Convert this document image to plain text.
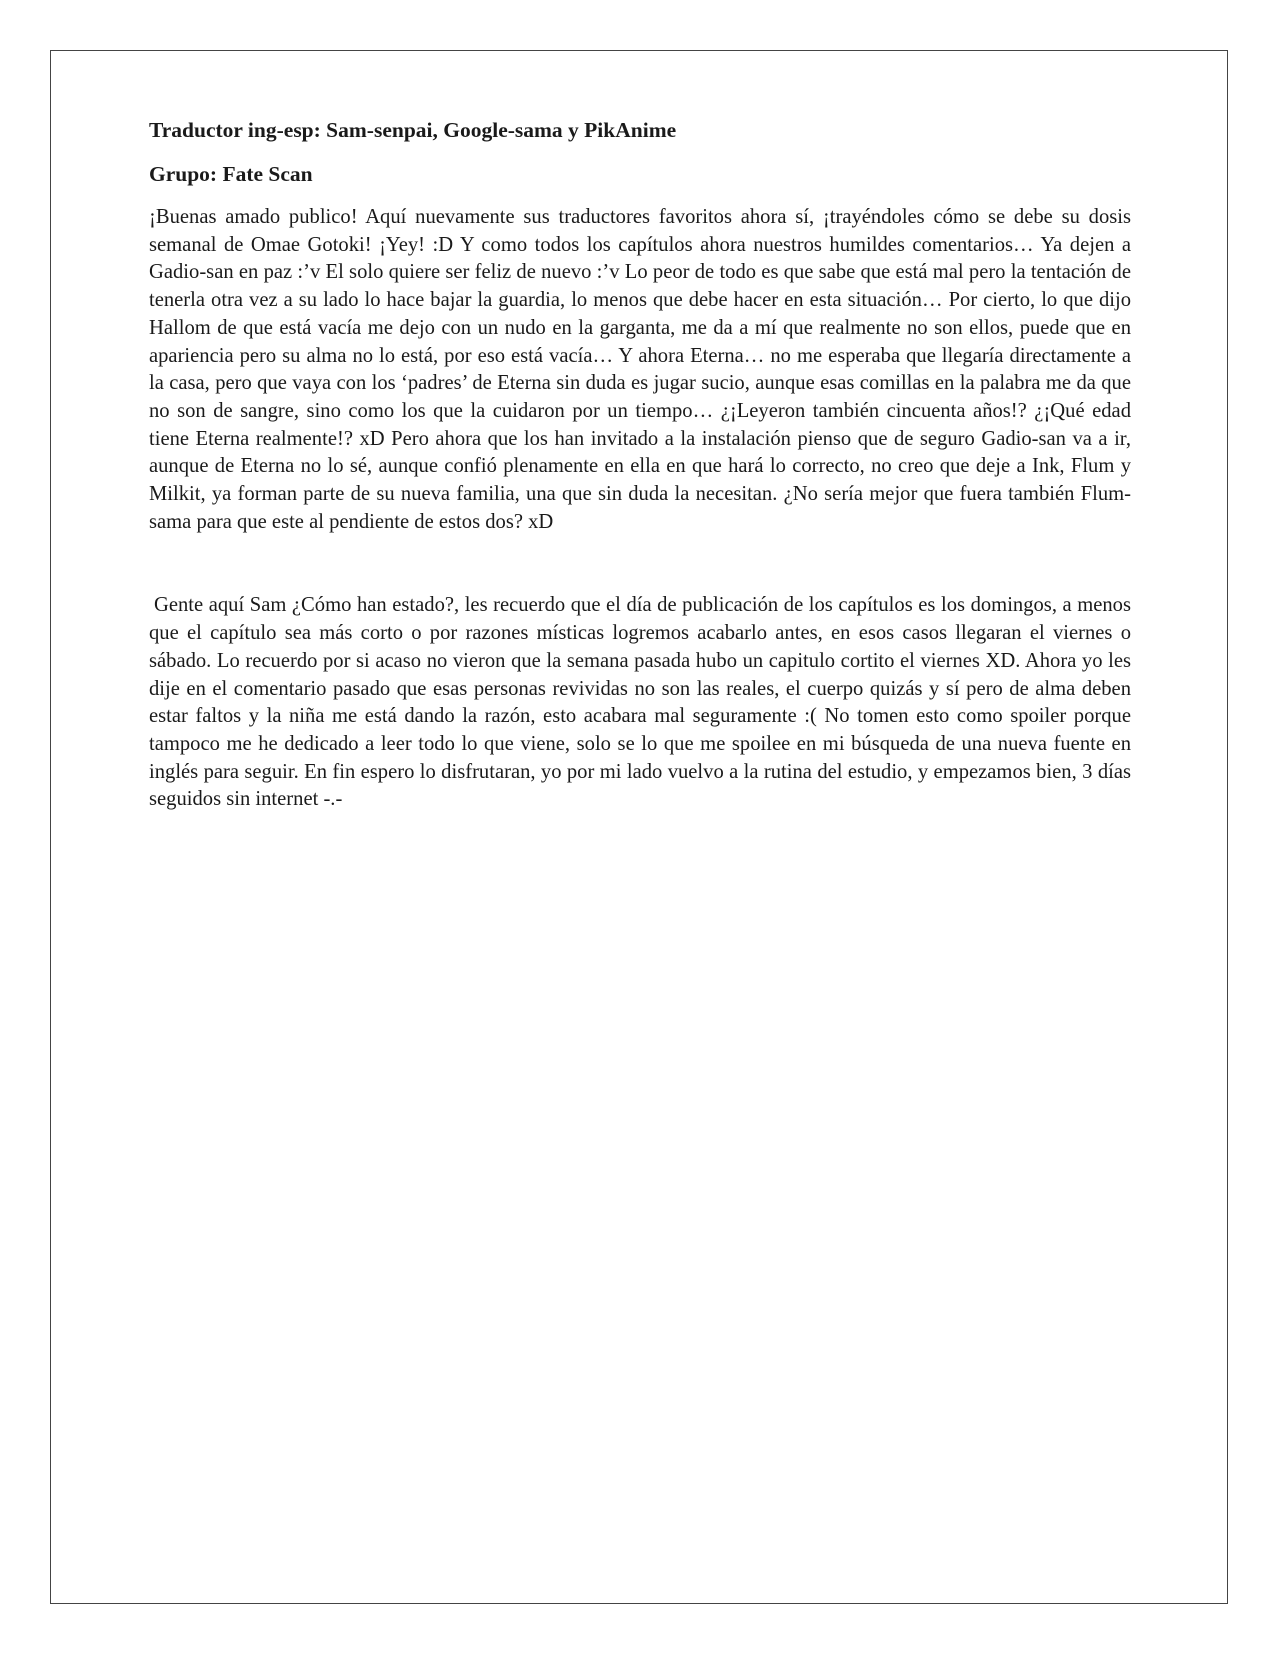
Traductor ing-esp: Sam-senpai, Google-sama y PikAnime

Grupo: Fate Scan

¡Buenas amado publico! Aquí nuevamente sus traductores favoritos ahora sí, ¡trayéndoles cómo se debe su dosis semanal de Omae Gotoki! ¡Yey! :D Y como todos los capítulos ahora nuestros humildes comentarios… Ya dejen a Gadio-san en paz :’v El solo quiere ser feliz de nuevo :’v Lo peor de todo es que sabe que está mal pero la tentación de tenerla otra vez a su lado lo hace bajar la guardia, lo menos que debe hacer en esta situación… Por cierto, lo que dijo Hallom de que está vacía me dejo con un nudo en la garganta, me da a mí que realmente no son ellos, puede que en apariencia pero su alma no lo está, por eso está vacía… Y ahora Eterna… no me esperaba que llegaría directamente a la casa, pero que vaya con los ‘padres’ de Eterna sin duda es jugar sucio, aunque esas comillas en la palabra me da que no son de sangre, sino como los que la cuidaron por un tiempo… ¿¡Leyeron también cincuenta años!? ¿¡Qué edad tiene Eterna realmente!? xD Pero ahora que los han invitado a la instalación pienso que de seguro Gadio-san va a ir, aunque de Eterna no lo sé, aunque confió plenamente en ella en que hará lo correcto, no creo que deje a Ink, Flum y Milkit, ya forman parte de su nueva familia, una que sin duda la necesitan. ¿No sería mejor que fuera también Flum-sama para que este al pendiente de estos dos? xD

Gente aquí Sam ¿Cómo han estado?, les recuerdo que el día de publicación de los capítulos es los domingos, a menos que el capítulo sea más corto o por razones místicas logremos acabarlo antes, en esos casos llegaran el viernes o sábado. Lo recuerdo por si acaso no vieron que la semana pasada hubo un capitulo cortito el viernes XD. Ahora yo les dije en el comentario pasado que esas personas revividas no son las reales, el cuerpo quizás y sí pero de alma deben estar faltos y la niña me está dando la razón, esto acabara mal seguramente :( No tomen esto como spoiler porque tampoco me he dedicado a leer todo lo que viene, solo se lo que me spoilee en mi búsqueda de una nueva fuente en inglés para seguir. En fin espero lo disfrutaran, yo por mi lado vuelvo a la rutina del estudio, y empezamos bien, 3 días seguidos sin internet -.-
